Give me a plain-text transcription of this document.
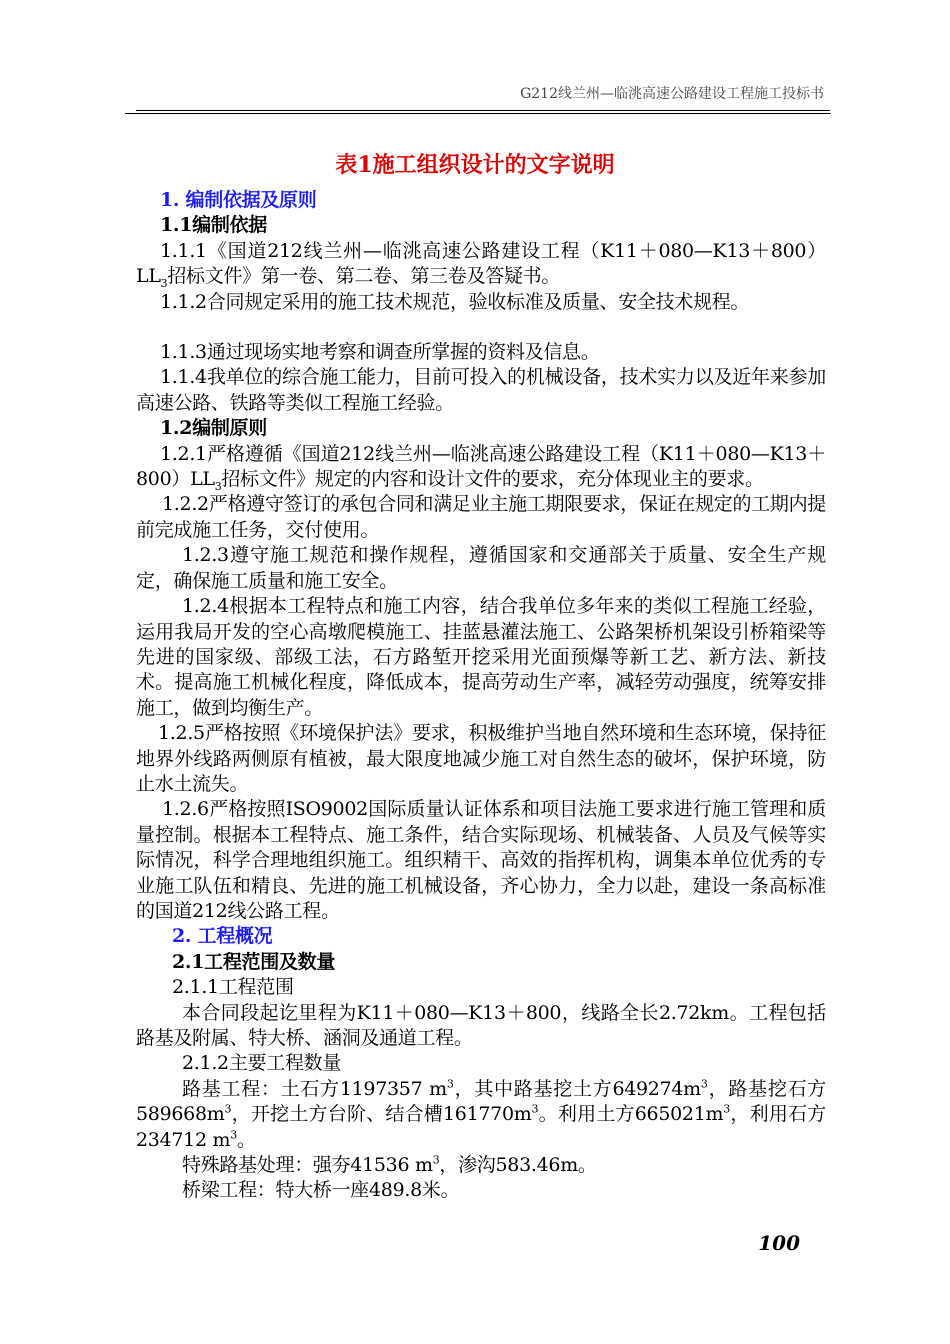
G212线兰州—临洮高速公路建设工程施工投标书
表1施工组织设计的文字说明

1. 编制依据及原则

1.1编制依据

1.1.1《国道212线兰州—临洮高速公路建设工程$(K11+080—K13+800)LL_3$招标文件》第一卷、第二卷、第三卷及答疑书。

1.1.2合同规定采用的施工技术规范，验收标准及质量、安全技术规程。

1.1.3通过现场实地考察和调查所掌握的资料及信息。

1.1.4我单位的综合施工能力，目前可投入的机械设备，技术实力以及近年来参加高速公路、铁路等类似工程施工经验。

1.2编制原则

1.2.1严格遵循《国道212线兰州—临洮高速公路建设工程$(K11+080—K13+800)LL_3$招标文件》规定的内容和设计文件的要求，充分体现业主的要求。

1.2.2严格遵守签订的承包合同和满足业主施工期限要求，保证在规定的工期内提前完成施工任务，交付使用。

1.2.3遵守施工规范和操作规程，遵循国家和交通部关于质量、安全生产规定，确保施工质量和施工安全。

1.2.4根据本工程特点和施工内容，结合我单位多年来的类似工程施工经验，运用我局开发的空心高墩爬模施工、挂蓝悬灌法施工、公路架桥机架设引桥箱梁等先进的国家级、部级工法，石方路堑开挖采用光面预爆等新工艺、新方法、新技术。提高施工机械化程度，降低成本，提高劳动生产率，减轻劳动强度，统筹安排施工，做到均衡生产。

1.2.5严格按照《环境保护法》要求，积极维护当地自然环境和生态环境，保持征地界外线路两侧原有植被，最大限度地减少施工对自然生态的破坏，保护环境，防止水土流失。

1.2.6严格按照ISO9002国际质量认证体系和项目法施工要求进行施工管理和质量控制。根据本工程特点、施工条件，结合实际现场、机械装备、人员及气候等实际情况，科学合理地组织施工。组织精干、高效的指挥机构，调集本单位优秀的专业施工队伍和精良、先进的施工机械设备，齐心协力，全力以赴，建设一条高标准的国道212线公路工程。

2. 工程概况

2.1工程范围及数量

2.1.1工程范围

本合同段起讫里程为K11＋080—K13＋800，线路全长2.72km。工程包括路基及附属、特大桥、涵洞及通道工程。

2.1.2主要工程数量

路基工程：土石方1197357 $m^3$，其中路基挖土方$649274m^3$，路基挖石方$589668m^3$，开挖土方台阶、结合槽$161770m^3$。利用土方$665021m^3$，利用石方234712 $m^3$。

特殊路基处理：强夯41536 $m^3$，渗沟583.46m。

桥梁工程：特大桥一座489.8米。

100
